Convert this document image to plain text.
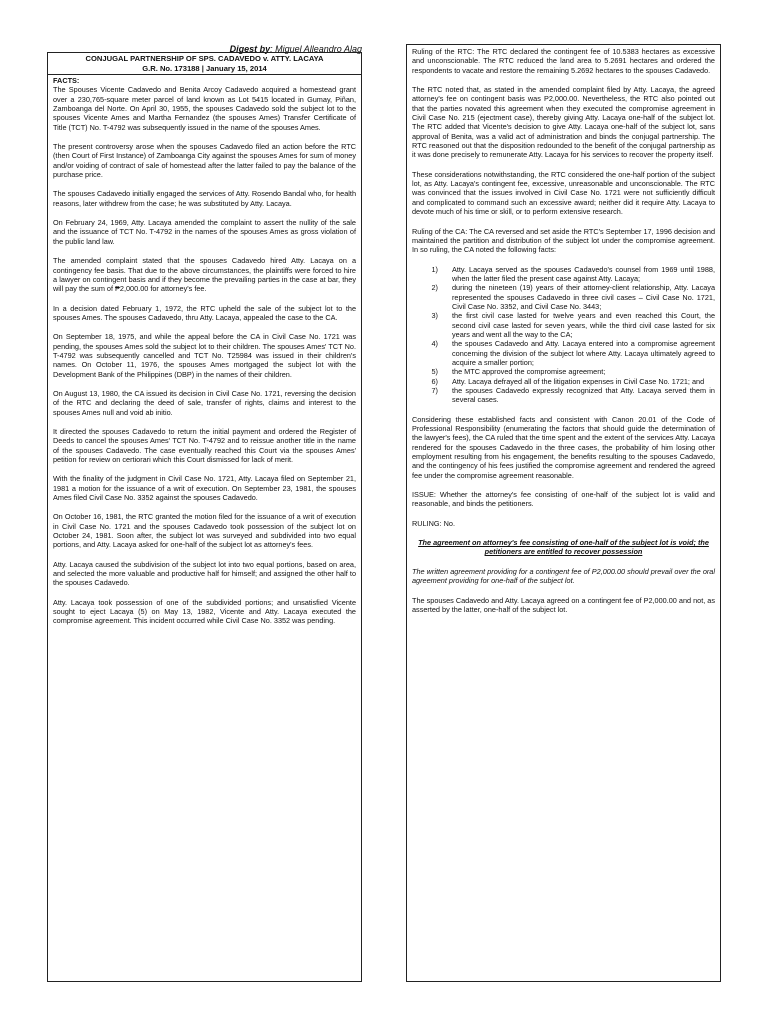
Digest by: Miguel Alleandro Alag
CONJUGAL PARTNERSHIP OF SPS. CADAVEDO v. ATTY. LACAYA
G.R. No. 173188 | January 15, 2014

FACTS:

The Spouses Vicente Cadavedo and Benita Arcoy Cadavedo acquired a homestead grant over a 230,765-square meter parcel of land known as Lot 5415 located in Gumay, Piñan, Zamboanga del Norte. On April 30, 1955, the spouses Cadavedo sold the subject lot to the spouses Vicente Ames and Martha Fernandez (the spouses Ames) Transfer Certificate of Title (TCT) No. T-4792 was subsequently issued in the name of the spouses Ames.

The present controversy arose when the spouses Cadavedo filed an action before the RTC (then Court of First Instance) of Zamboanga City against the spouses Ames for sum of money and/or voiding of contract of sale of homestead after the latter failed to pay the balance of the purchase price.

The spouses Cadavedo initially engaged the services of Atty. Rosendo Bandal who, for health reasons, later withdrew from the case; he was substituted by Atty. Lacaya.

On February 24, 1969, Atty. Lacaya amended the complaint to assert the nullity of the sale and the issuance of TCT No. T-4792 in the names of the spouses Ames as gross violation of the public land law.

The amended complaint stated that the spouses Cadavedo hired Atty. Lacaya on a contingency fee basis. That due to the above circumstances, the plaintiffs were forced to hire a lawyer on contingent basis and if they become the prevailing parties in the case at bar, they will pay the sum of ₱2,000.00 for attorney's fee.

In a decision dated February 1, 1972, the RTC upheld the sale of the subject lot to the spouses Ames. The spouses Cadavedo, thru Atty. Lacaya, appealed the case to the CA.

On September 18, 1975, and while the appeal before the CA in Civil Case No. 1721 was pending, the spouses Ames sold the subject lot to their children. The spouses Ames' TCT No. T-4792 was subsequently cancelled and TCT No. T25984 was issued in their children's names. On October 11, 1976, the spouses Ames mortgaged the subject lot with the Development Bank of the Philippines (DBP) in the names of their children.

On August 13, 1980, the CA issued its decision in Civil Case No. 1721, reversing the decision of the RTC and declaring the deed of sale, transfer of rights, claims and interest to the spouses Ames null and void ab initio.

It directed the spouses Cadavedo to return the initial payment and ordered the Register of Deeds to cancel the spouses Ames' TCT No. T-4792 and to reissue another title in the name of the spouses Cadavedo. The case eventually reached this Court via the spouses Ames' petition for review on certiorari which this Court dismissed for lack of merit.

With the finality of the judgment in Civil Case No. 1721, Atty. Lacaya filed on September 21, 1981 a motion for the issuance of a writ of execution. On September 23, 1981, the spouses Ames filed Civil Case No. 3352 against the spouses Cadavedo.

On October 16, 1981, the RTC granted the motion filed for the issuance of a writ of execution in Civil Case No. 1721 and the spouses Cadavedo took possession of the subject lot on October 24, 1981. Soon after, the subject lot was surveyed and subdivided into two equal portions, and Atty. Lacaya asked for one-half of the subject lot as attorney's fees.

Atty. Lacaya caused the subdivision of the subject lot into two equal portions, based on area, and selected the more valuable and productive half for himself; and assigned the other half to the spouses Cadavedo.

Atty. Lacaya took possession of one of the subdivided portions; and unsatisfied Vicente sought to eject Lacaya (5) on May 13, 1982, Vicente and Atty. Lacaya executed the compromise agreement. This incident occurred while Civil Case No. 3352 was pending.

Ruling of the RTC: The RTC declared the contingent fee of 10.5383 hectares as excessive and unconscionable. The RTC reduced the land area to 5.2691 hectares and ordered the respondents to vacate and restore the remaining 5.2692 hectares to the spouses Cadavedo.

The RTC noted that, as stated in the amended complaint filed by Atty. Lacaya, the agreed attorney's fee on contingent basis was P2,000.00. Nevertheless, the RTC also pointed out that the parties novated this agreement when they executed the compromise agreement in Civil Case No. 215 (ejectment case), thereby giving Atty. Lacaya one-half of the subject lot. The RTC added that Vicente's decision to give Atty. Lacaya one-half of the subject lot, sans approval of Benita, was a valid act of administration and binds the conjugal partnership. The RTC reasoned out that the disposition redounded to the benefit of the conjugal partnership as it was done precisely to remunerate Atty. Lacaya for his services to recover the property itself.

These considerations notwithstanding, the RTC considered the one-half portion of the subject lot, as Atty. Lacaya's contingent fee, excessive, unreasonable and unconscionable. The RTC was convinced that the issues involved in Civil Case No. 1721 were not sufficiently difficult and complicated to command such an excessive award; neither did it require Atty. Lacaya to devote much of his time or skill, or to perform extensive research.

Ruling of the CA: The CA reversed and set aside the RTC's September 17, 1996 decision and maintained the partition and distribution of the subject lot under the compromise agreement. In so ruling, the CA noted the following facts:

1)	Atty. Lacaya served as the spouses Cadavedo's counsel from 1969 until 1988, when the latter filed the present case against Atty. Lacaya;
2)	during the nineteen (19) years of their attorney-client relationship, Atty. Lacaya represented the spouses Cadavedo in three civil cases – Civil Case No. 1721, Civil Case No. 3352, and Civil Case No. 3443;
3)	the first civil case lasted for twelve years and even reached this Court, the second civil case lasted for seven years, while the third civil case lasted for six years and went all the way to the CA;
4)	the spouses Cadavedo and Atty. Lacaya entered into a compromise agreement concerning the division of the subject lot where Atty. Lacaya ultimately agreed to acquire a smaller portion;
5)	the MTC approved the compromise agreement;
6)	Atty. Lacaya defrayed all of the litigation expenses in Civil Case No. 1721; and
7)	the spouses Cadavedo expressly recognized that Atty. Lacaya served them in several cases.

Considering these established facts and consistent with Canon 20.01 of the Code of Professional Responsibility (enumerating the factors that should guide the determination of the lawyer's fees), the CA ruled that the time spent and the extent of the services Atty. Lacaya rendered for the spouses Cadavedo in the three cases, the probability of him losing other employment resulting from his engagement, the benefits resulting to the spouses Cadavedo, and the contingency of his fees justified the compromise agreement and rendered the agreed fee under the compromise agreement reasonable.

ISSUE: Whether the attorney's fee consisting of one-half of the subject lot is valid and reasonable, and binds the petitioners.

RULING: No.

The agreement on attorney's fee consisting of one-half of the subject lot is void; the petitioners are entitled to recover possession

The written agreement providing for a contingent fee of P2,000.00 should prevail over the oral agreement providing for one-half of the subject lot.

The spouses Cadavedo and Atty. Lacaya agreed on a contingent fee of P2,000.00 and not, as asserted by the latter, one-half of the subject lot.
